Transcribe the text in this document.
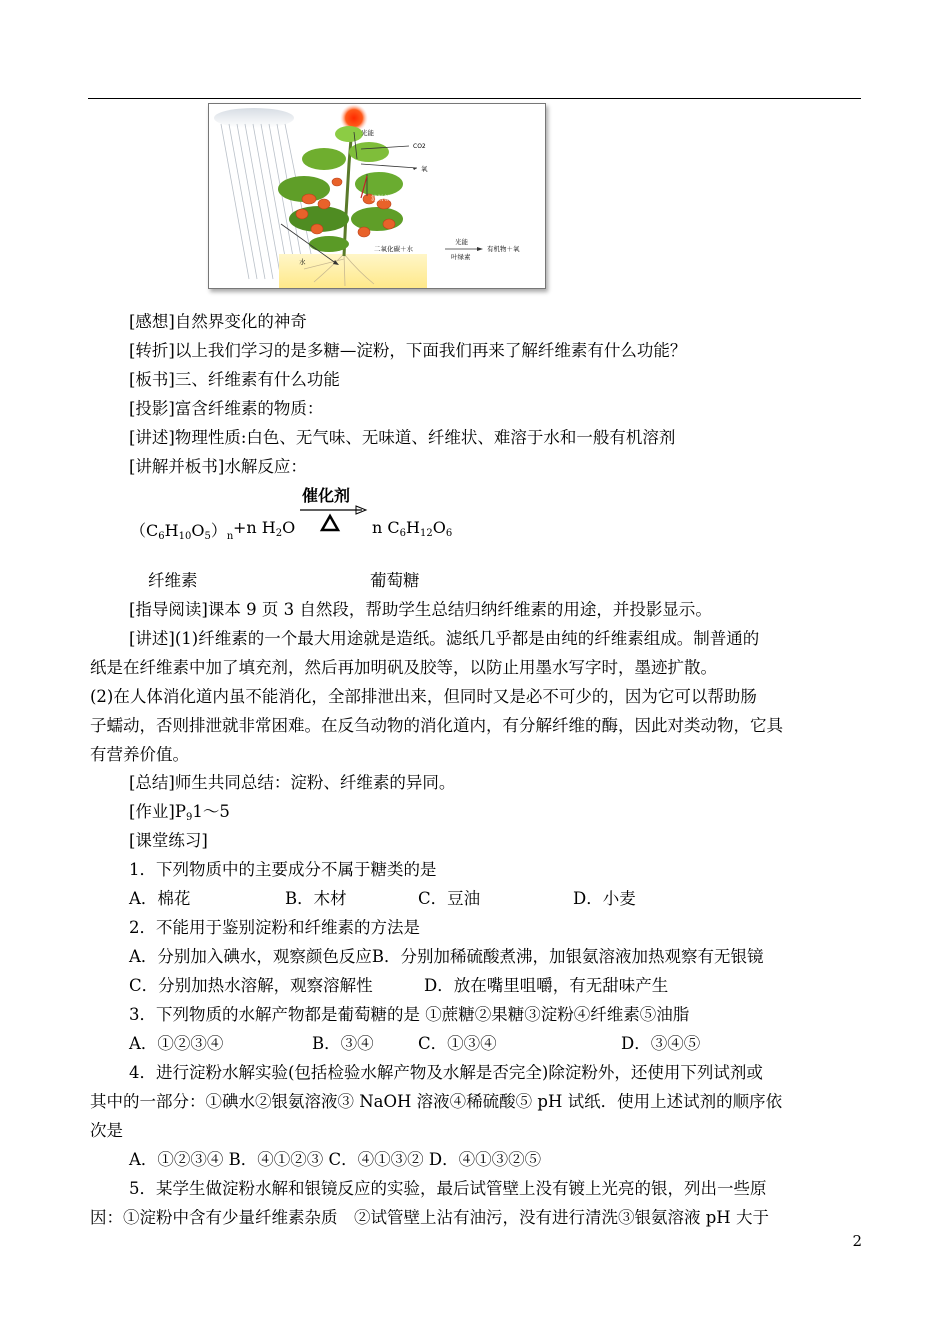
光能
CO2
氧
淀粉糖等
水
二氧化碳＋水
光能
叶绿素
有机物＋氧
[感想]自然界变化的神奇
[转折]以上我们学习的是多糖—淀粉，下面我们再来了解纤维素有什么功能？
[板书]三、纤维素有什么功能
[投影]富含纤维素的物质：
[讲述]物理性质:白色、无气味、无味道、纤维状、难溶于水和一般有机溶剂
[讲解并板书]水解反应：
催化剂
$(C_6H_{10}O_5)_n +n$ $H_2O$	n $C_6H_{12}O_6$
纤维素	葡萄糖
[指导阅读]课本 9 页 3 自然段，帮助学生总结归纳纤维素的用途，并投影显示。
[讲述](1)纤维素的一个最大用途就是造纸。滤纸几乎都是由纯的纤维素组成。制普通的
纸是在纤维素中加了填充剂，然后再加明矾及胶等，以防止用墨水写字时，墨迹扩散。
(2)在人体消化道内虽不能消化，全部排泄出来，但同时又是必不可少的，因为它可以帮助肠
子蠕动，否则排泄就非常困难。在反刍动物的消化道内，有分解纤维的酶，因此对类动物，它具
有营养价值。
[总结]师生共同总结：淀粉、纤维素的异同。
[作业]$P_91\sim 5$
[课堂练习]
1．下列物质中的主要成分不属于糖类的是
A．棉花	B．木材	C．豆油	D．小麦
2．不能用于鉴别淀粉和纤维素的方法是
A．分别加入碘水，观察颜色反应B．分别加稀硫酸煮沸，加银氨溶液加热观察有无银镜
C．分别加热水溶解，观察溶解性	D．放在嘴里咀嚼，有无甜味产生
3．下列物质的水解产物都是葡萄糖的是 ①蔗糖②果糖③淀粉④纤维素⑤油脂
A．①②③④	B．③④	C．①③④	D．③④⑤
4．进行淀粉水解实验(包括检验水解产物及水解是否完全)除淀粉外，还使用下列试剂或
其中的一部分：①碘水②银氨溶液③ NaOH 溶液④稀硫酸⑤ pH 试纸．使用上述试剂的顺序依
次是
A．①②③④ B．④①②③ C．④①③② D．④①③②⑤
5．某学生做淀粉水解和银镜反应的实验，最后试管壁上没有镀上光亮的银，列出一些原
因：①淀粉中含有少量纤维素杂质　②试管壁上沾有油污，没有进行清洗③银氨溶液 pH 大于
2
